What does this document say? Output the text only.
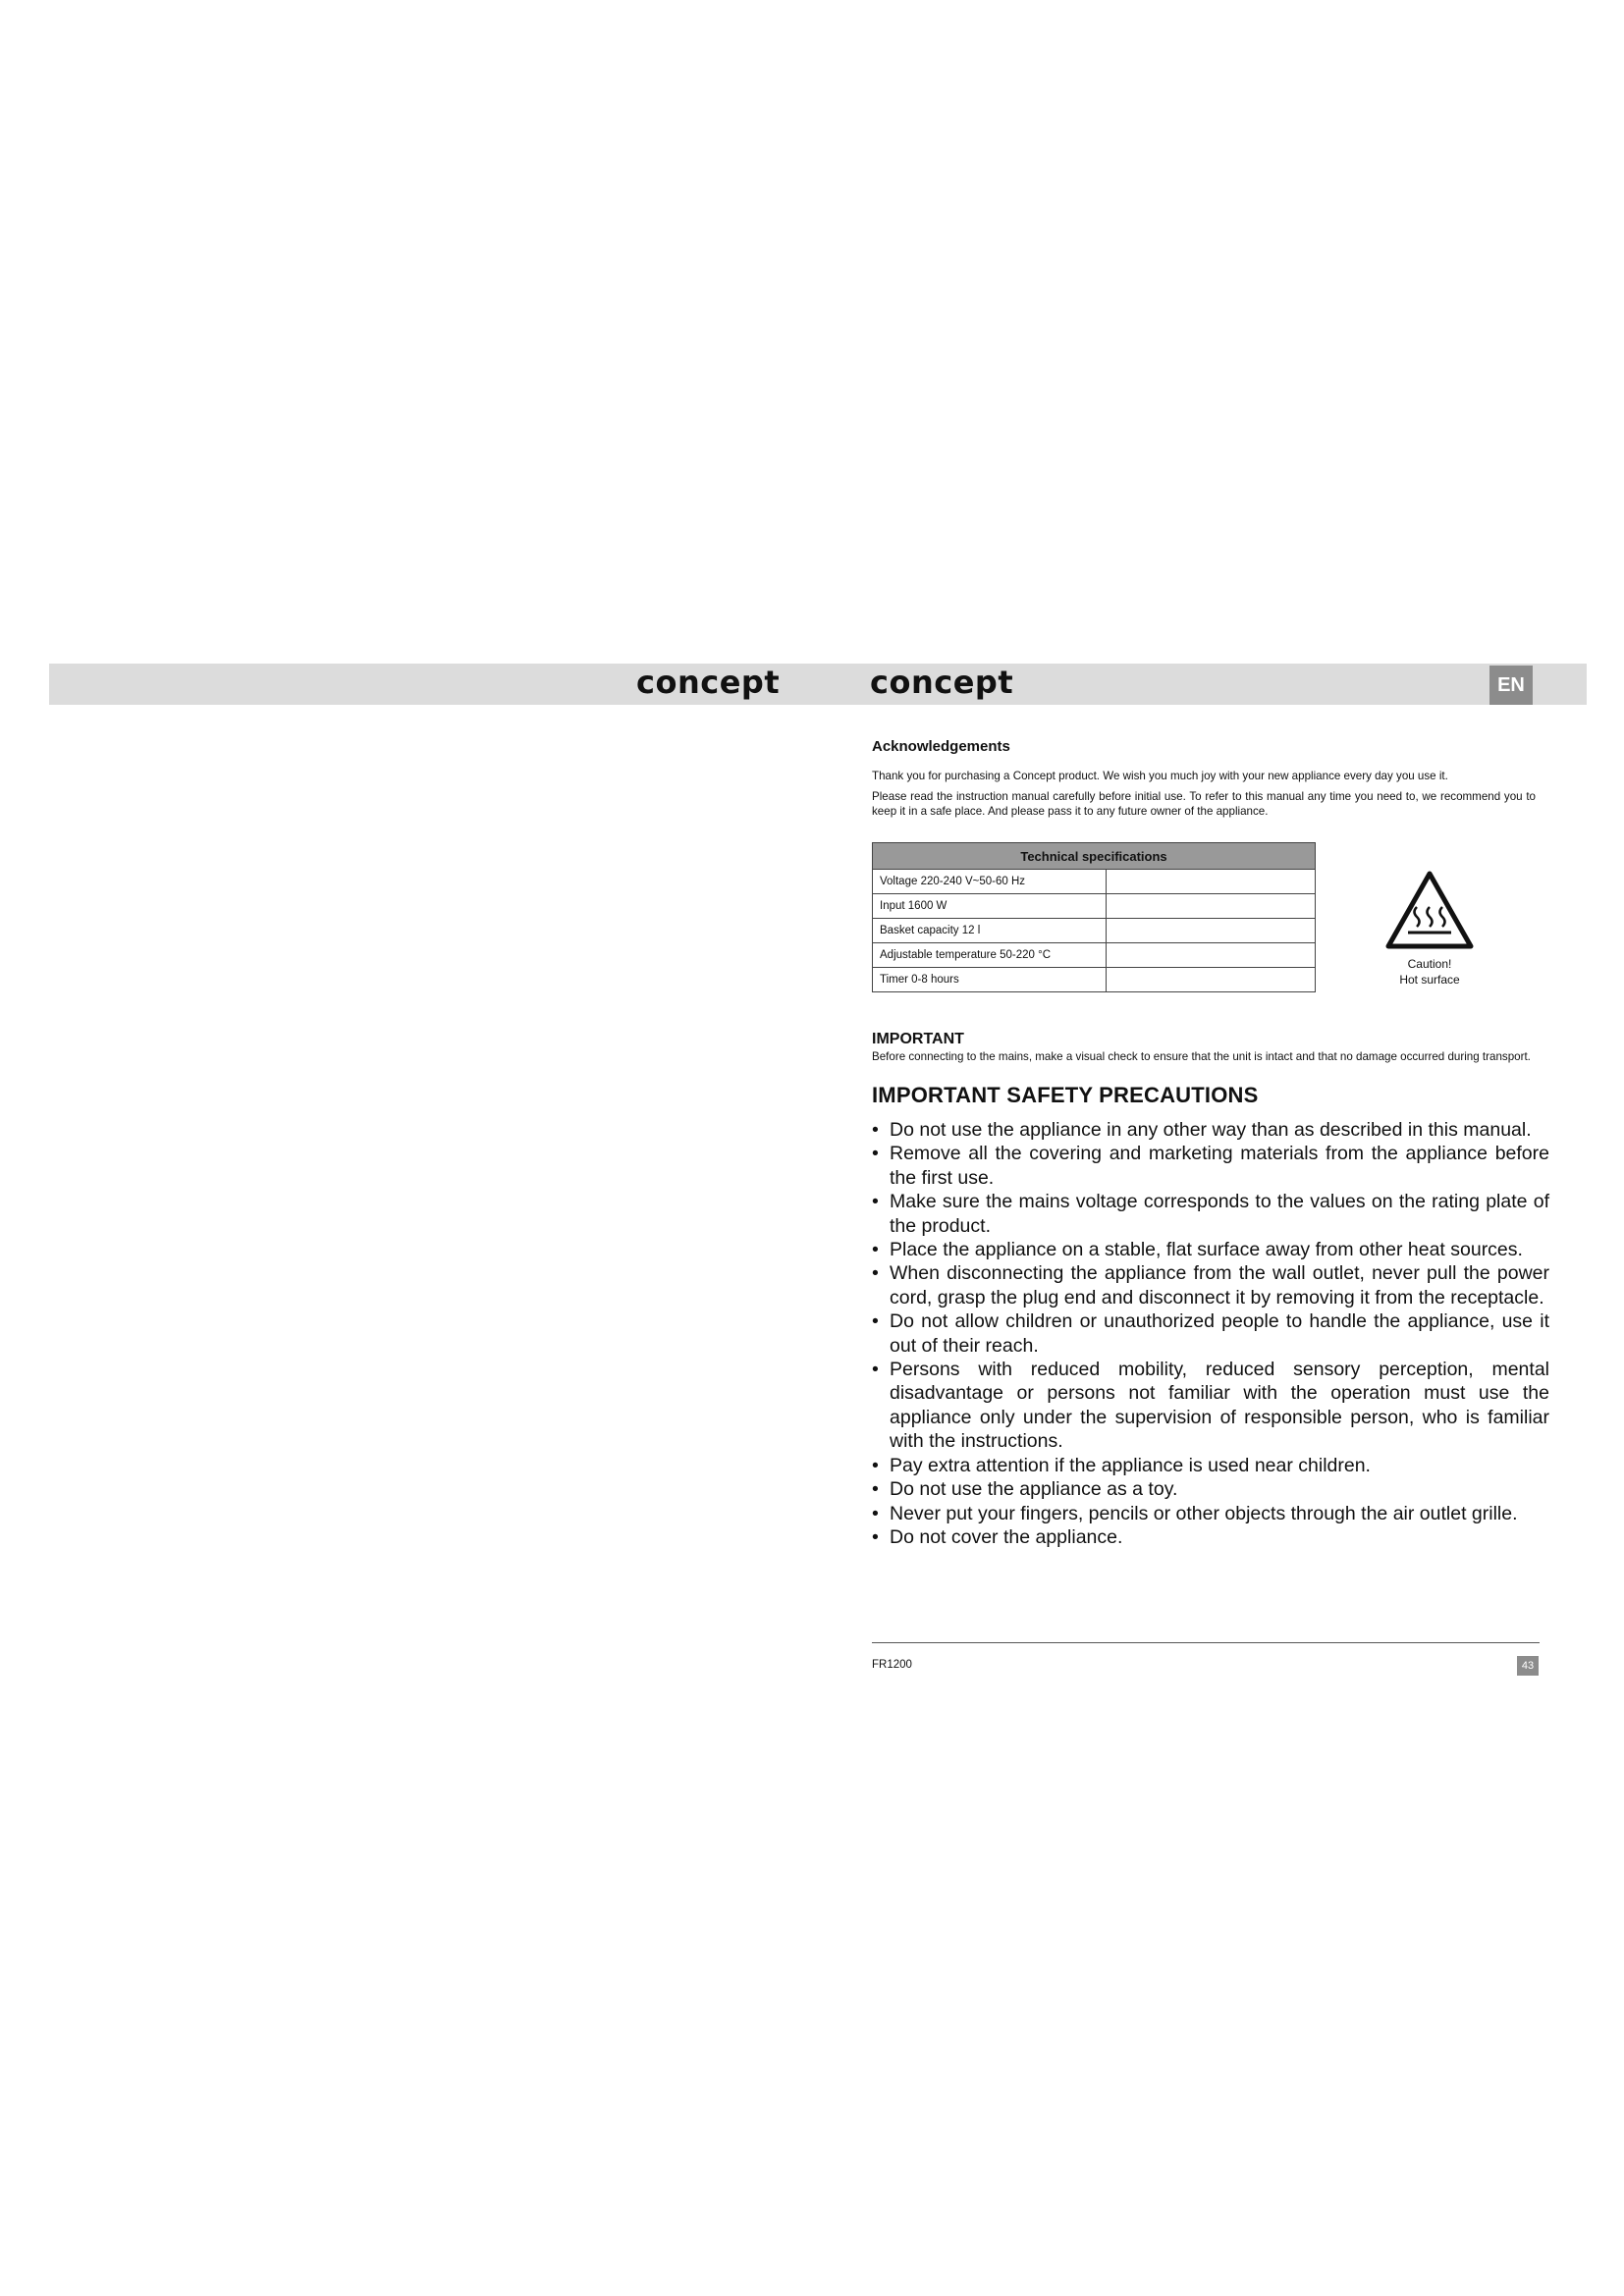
concept	concept	EN
Acknowledgements

Thank you for purchasing a Concept product. We wish you much joy with your new appliance every day you use it.

Please read the instruction manual carefully before initial use. To refer to this manual any time you need to, we recommend you to keep it in a safe place. And please pass it to any future owner of the appliance.

Technical specifications	
Voltage 220-240 V~50-60 Hz	
Input 1600 W	
Basket capacity 12 l	
Adjustable temperature 50-220 °C	
Timer 0-8 hours	
Caution!
Hot surface
IMPORTANT

Before connecting to the mains, make a visual check to ensure that the unit is intact and that no damage occurred during transport.

IMPORTANT SAFETY PRECAUTIONS
• Do not use the appliance in any other way than as described in this manual.
• Remove all the covering and marketing materials from the appliance before the first use.
• Make sure the mains voltage corresponds to the values on the rating plate of the product.
• Place the appliance on a stable, flat surface away from other heat sources.
• When disconnecting the appliance from the wall outlet, never pull the power cord, grasp the plug end and disconnect it by removing it from the receptacle.
• Do not allow children or unauthorized people to handle the appliance, use it out of their reach.
• Persons with reduced mobility, reduced sensory perception, mental disadvantage or persons not familiar with the operation must use the appliance only under the supervision of responsible person, who is familiar with the instructions.
• Pay extra attention if the appliance is used near children.
• Do not use the appliance as a toy.
• Never put your fingers, pencils or other objects through the air outlet grille.
• Do not cover the appliance.
FR1200	43
